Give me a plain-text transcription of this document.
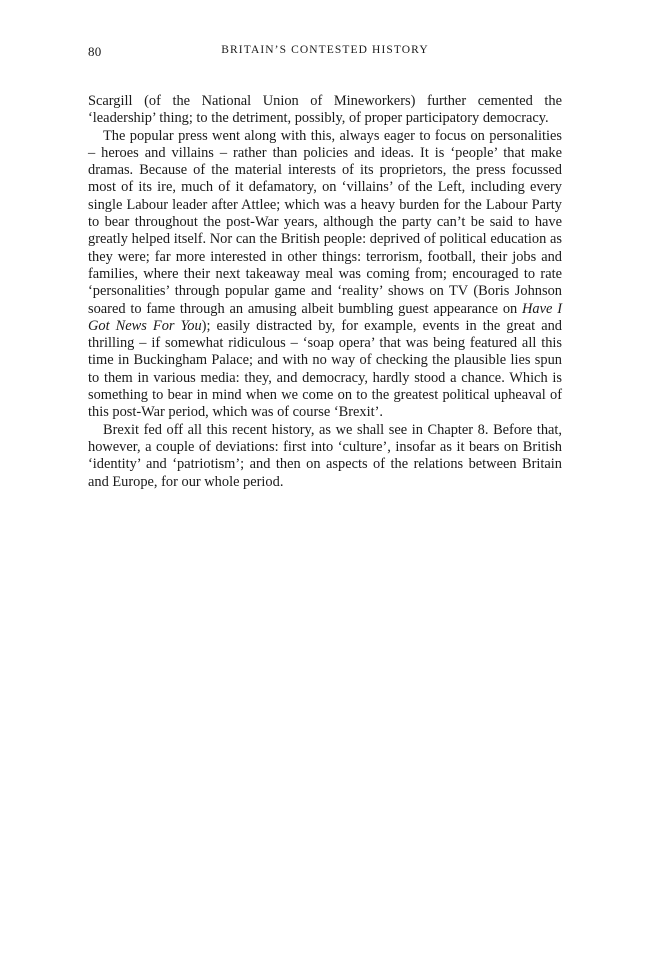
80	BRITAIN’S CONTESTED HISTORY

Scargill (of the National Union of Mineworkers) further cemented the ‘leadership’ thing; to the detriment, possibly, of proper participatory democracy.

The popular press went along with this, always eager to focus on personalities – heroes and villains – rather than policies and ideas. It is ‘people’ that make dramas. Because of the material interests of its proprietors, the press focussed most of its ire, much of it defamatory, on ‘villains’ of the Left, including every single Labour leader after Attlee; which was a heavy burden for the Labour Party to bear throughout the post-War years, although the party can’t be said to have greatly helped itself. Nor can the British people: deprived of political education as they were; far more interested in other things: terrorism, football, their jobs and families, where their next takeaway meal was coming from; encouraged to rate ‘personalities’ through popular game and ‘reality’ shows on TV (Boris Johnson soared to fame through an amusing albeit bumbling guest appearance on Have I Got News For You); easily distracted by, for example, events in the great and thrilling – if somewhat ridiculous – ‘soap opera’ that was being featured all this time in Buckingham Palace; and with no way of checking the plausible lies spun to them in various media: they, and democracy, hardly stood a chance. Which is something to bear in mind when we come on to the greatest political upheaval of this post-War period, which was of course ‘Brexit’.

Brexit fed off all this recent history, as we shall see in Chapter 8. Before that, however, a couple of deviations: first into ‘culture’, insofar as it bears on British ‘identity’ and ‘patriotism’; and then on aspects of the relations between Britain and Europe, for our whole period.
